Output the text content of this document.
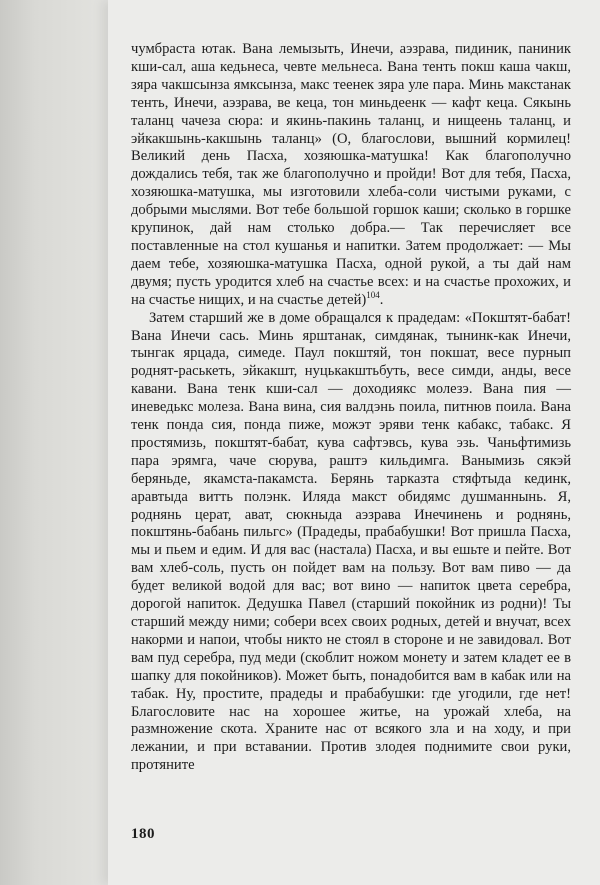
чумбраста ютак. Вана лемызыть, Инечи, аэзрава, пидиник, паниник кши-сал, аша кедьнеса, чевте мельнеса. Вана тенть покш каша чакш, зяра чакшсынза ямксынза, макс теенек зяра уле пара. Минь макстанак тенть, Инечи, аэзрава, ве кеца, тон миньдеенк — кафт кеца. Сякынь таланц чачеза сюра: и якинь-пакинь таланц, и нищеень таланц, и эйкакшынь-какшынь таланц» (О, благослови, вышний кормилец! Великий день Пасха, хозяюшка-матушка! Как благополучно дождались тебя, так же благополучно и пройди! Вот для тебя, Пасха, хозяюшка-матушка, мы изготовили хлеба-соли чистыми руками, с добрыми мыслями. Вот тебе большой горшок каши; сколько в горшке крупинок, дай нам столько добра.— Так перечисляет все поставленные на стол кушанья и напитки. Затем продолжает: — Мы даем тебе, хозяюшка-матушка Пасха, одной рукой, а ты дай нам двумя; пусть уродится хлеб на счастье всех: и на счастье прохожих, и на счастье нищих, и на счастье детей)$^{104}$.

Затем старший же в доме обращался к прадедам: «Покштят-бабат! Вана Инечи сась. Минь ярштанак, симдянак, тынинк-как Инечи, тынгак ярцада, симеде. Паул покштяй, тон покшат, весе пурнып роднят-раськеть, эйкакшт, нуцькакштьбуть, весе симди, анды, весе кавани. Вана тенк кши-сал — доходиякс молезэ. Вана пия — иневедькс молеза. Вана вина, сия валдэнь поила, питнюв поила. Вана тенк понда сия, понда пиже, можэт эряви тенк кабакс, табакс. Я простямизь, покштят-бабат, кува сафтэвсь, кува эзь. Чаньфтимизь пара эрямга, чаче сюрува, раштэ кильдимга. Ванымизь сякэй беряньде, якамста-пакамста. Берянь тарказта стяфтыда кединк, аравтыда витть полэнк. Иляда макст обидямс душманнынь. Я, роднянь церат, ават, сюкныда аэзрава Инечинень и роднянь, покштянь-бабань пильгс» (Прадеды, прабабушки! Вот пришла Пасха, мы и пьем и едим. И для вас (настала) Пасха, и вы ешьте и пейте. Вот вам хлеб-соль, пусть он пойдет вам на пользу. Вот вам пиво — да будет великой водой для вас; вот вино — напиток цвета серебра, дорогой напиток. Дедушка Павел (старший покойник из родни)! Ты старший между ними; собери всех своих родных, детей и внучат, всех накорми и напои, чтобы никто не стоял в стороне и не завидовал. Вот вам пуд серебра, пуд меди (скоблит ножом монету и затем кладет ее в шапку для покойников). Может быть, понадобится вам в кабак или на табак. Ну, простите, прадеды и прабабушки: где угодили, где нет! Благословите нас на хорошее житье, на урожай хлеба, на размножение скота. Храните нас от всякого зла и на ходу, и при лежании, и при вставании. Против злодея поднимите свои руки, протяните

180
